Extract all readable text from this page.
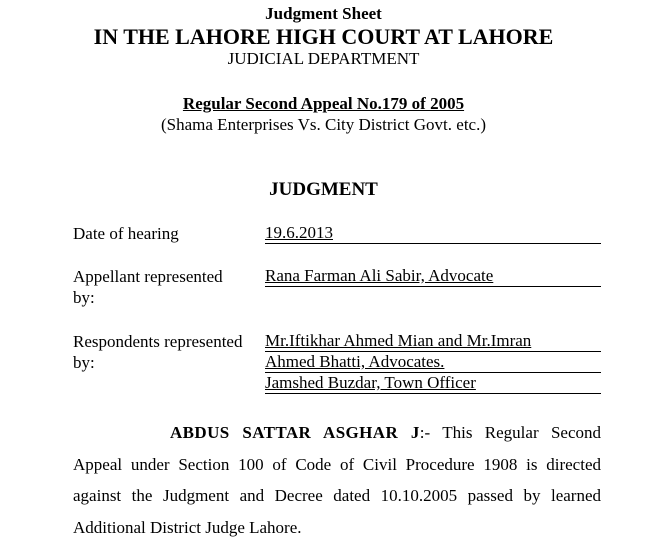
Judgment Sheet
IN THE LAHORE HIGH COURT AT LAHORE
JUDICIAL DEPARTMENT
Regular Second Appeal No.179 of 2005
(Shama Enterprises Vs. City District Govt. etc.)
JUDGMENT
Date of hearing	19.6.2013
Appellant represented
by:
Rana Farman Ali Sabir, Advocate
Respondents represented
by:
Mr.Iftikhar Ahmed Mian and Mr.Imran
Ahmed Bhatti, Advocates.
Jamshed Buzdar, Town Officer
ABDUS SATTAR ASGHAR J:- This Regular Second
Appeal under Section 100 of Code of Civil Procedure 1908 is directed
against the Judgment and Decree dated 10.10.2005 passed by learned
Additional District Judge Lahore.
